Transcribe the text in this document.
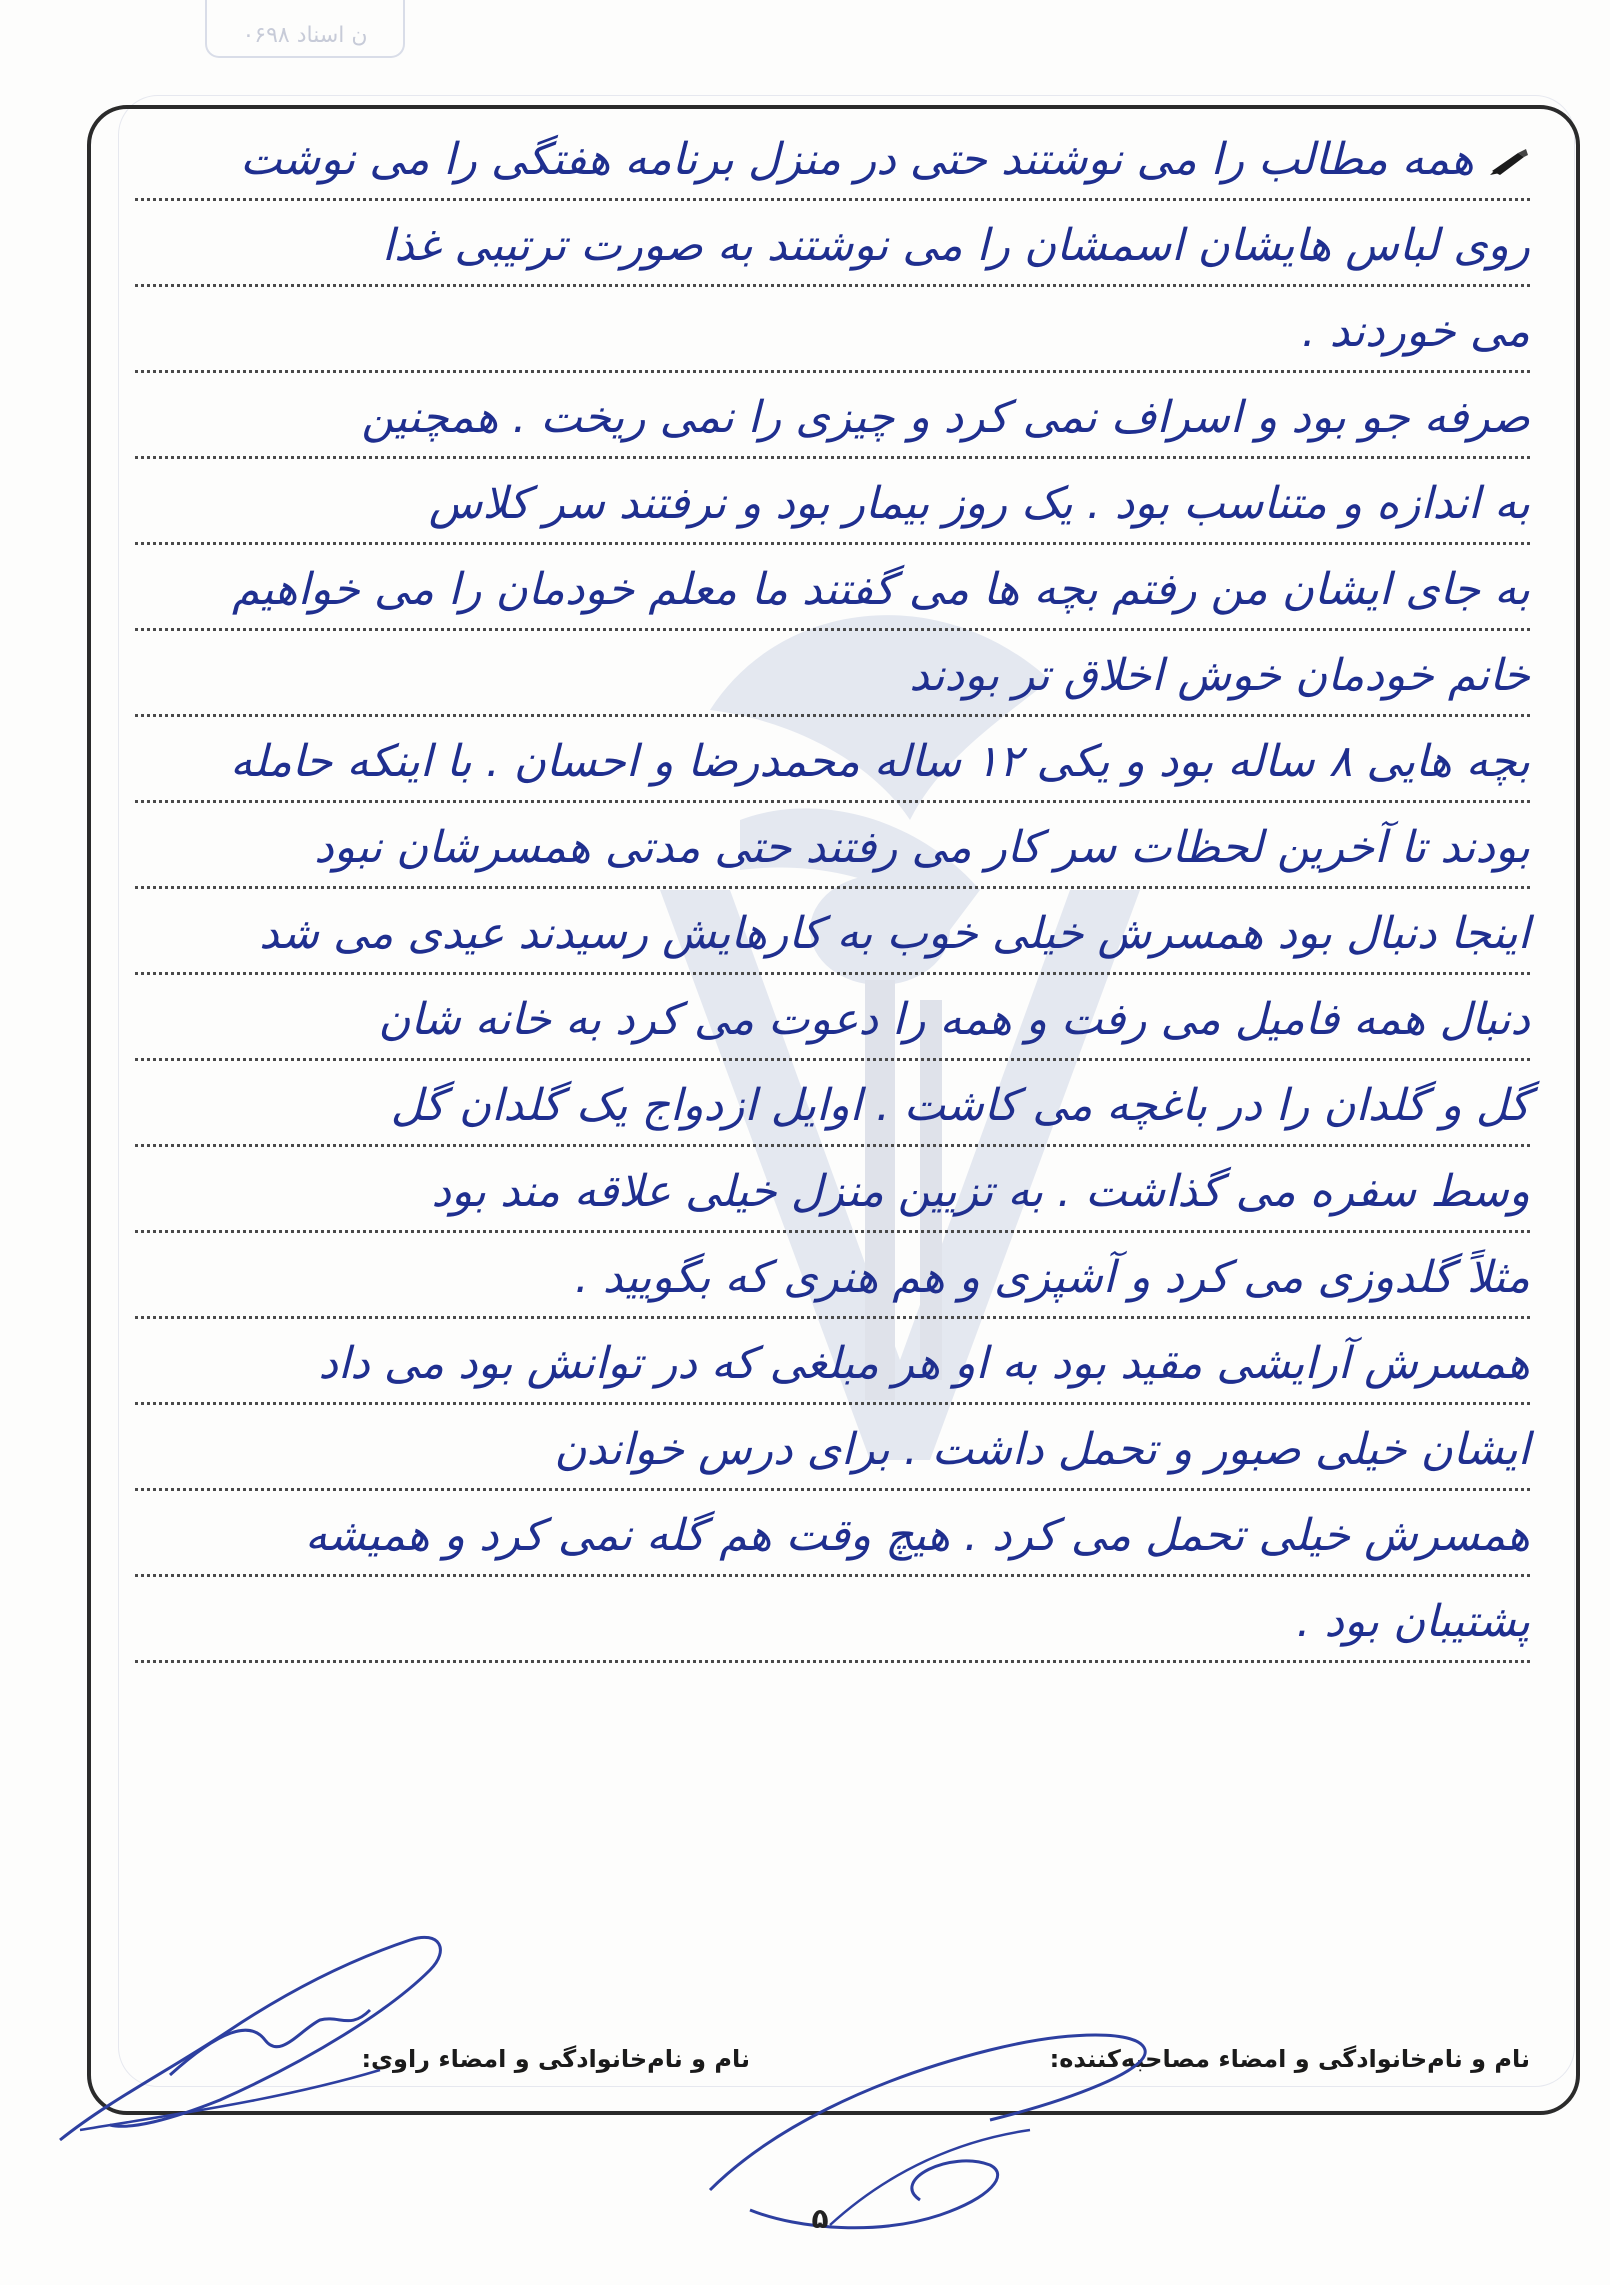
۰۶ن اسناد ۹۸
همه مطالب را می نوشتند حتی در منزل برنامه هفتگی را می نوشت
روی لباس هایشان اسمشان را می نوشتند به صورت ترتیبی غذا
می خوردند .
صرفه جو بود و اسراف نمی کرد و چیزی را نمی ریخت . همچنین
به اندازه و متناسب بود . یک روز بیمار بود و نرفتند سر کلاس
به جای ایشان من رفتم بچه ها می گفتند ما معلم خودمان را می خواهیم
خانم خودمان خوش اخلاق تر بودند
بچه هایی ۸ ساله بود و یکی ۱۲ ساله محمدرضا و احسان . با اینکه حامله
بودند تا آخرین لحظات سر کار می رفتند حتی مدتی همسرشان نبود
اینجا دنبال بود همسرش خیلی خوب به کارهایش رسیدند عیدی می شد
دنبال همه فامیل می رفت و همه را دعوت می کرد به خانه شان
گل و گلدان را در باغچه می کاشت . اوایل ازدواج یک گلدان گل
وسط سفره می گذاشت . به تزیین منزل خیلی علاقه مند بود
مثلاً گلدوزی می کرد و آشپزی و هم هنری که بگویید .
همسرش آرایشی مقید بود به او هر مبلغی که در توانش بود می داد
ایشان خیلی صبور و تحمل داشت . برای درس خواندن
همسرش خیلی تحمل می کرد . هیچ وقت هم گله نمی کرد و همیشه
پشتیبان بود .
نام و نام‌خانوادگی و امضاء مصاحبه‌کننده:
نام و نام‌خانوادگی و امضاء راوی:
۵
